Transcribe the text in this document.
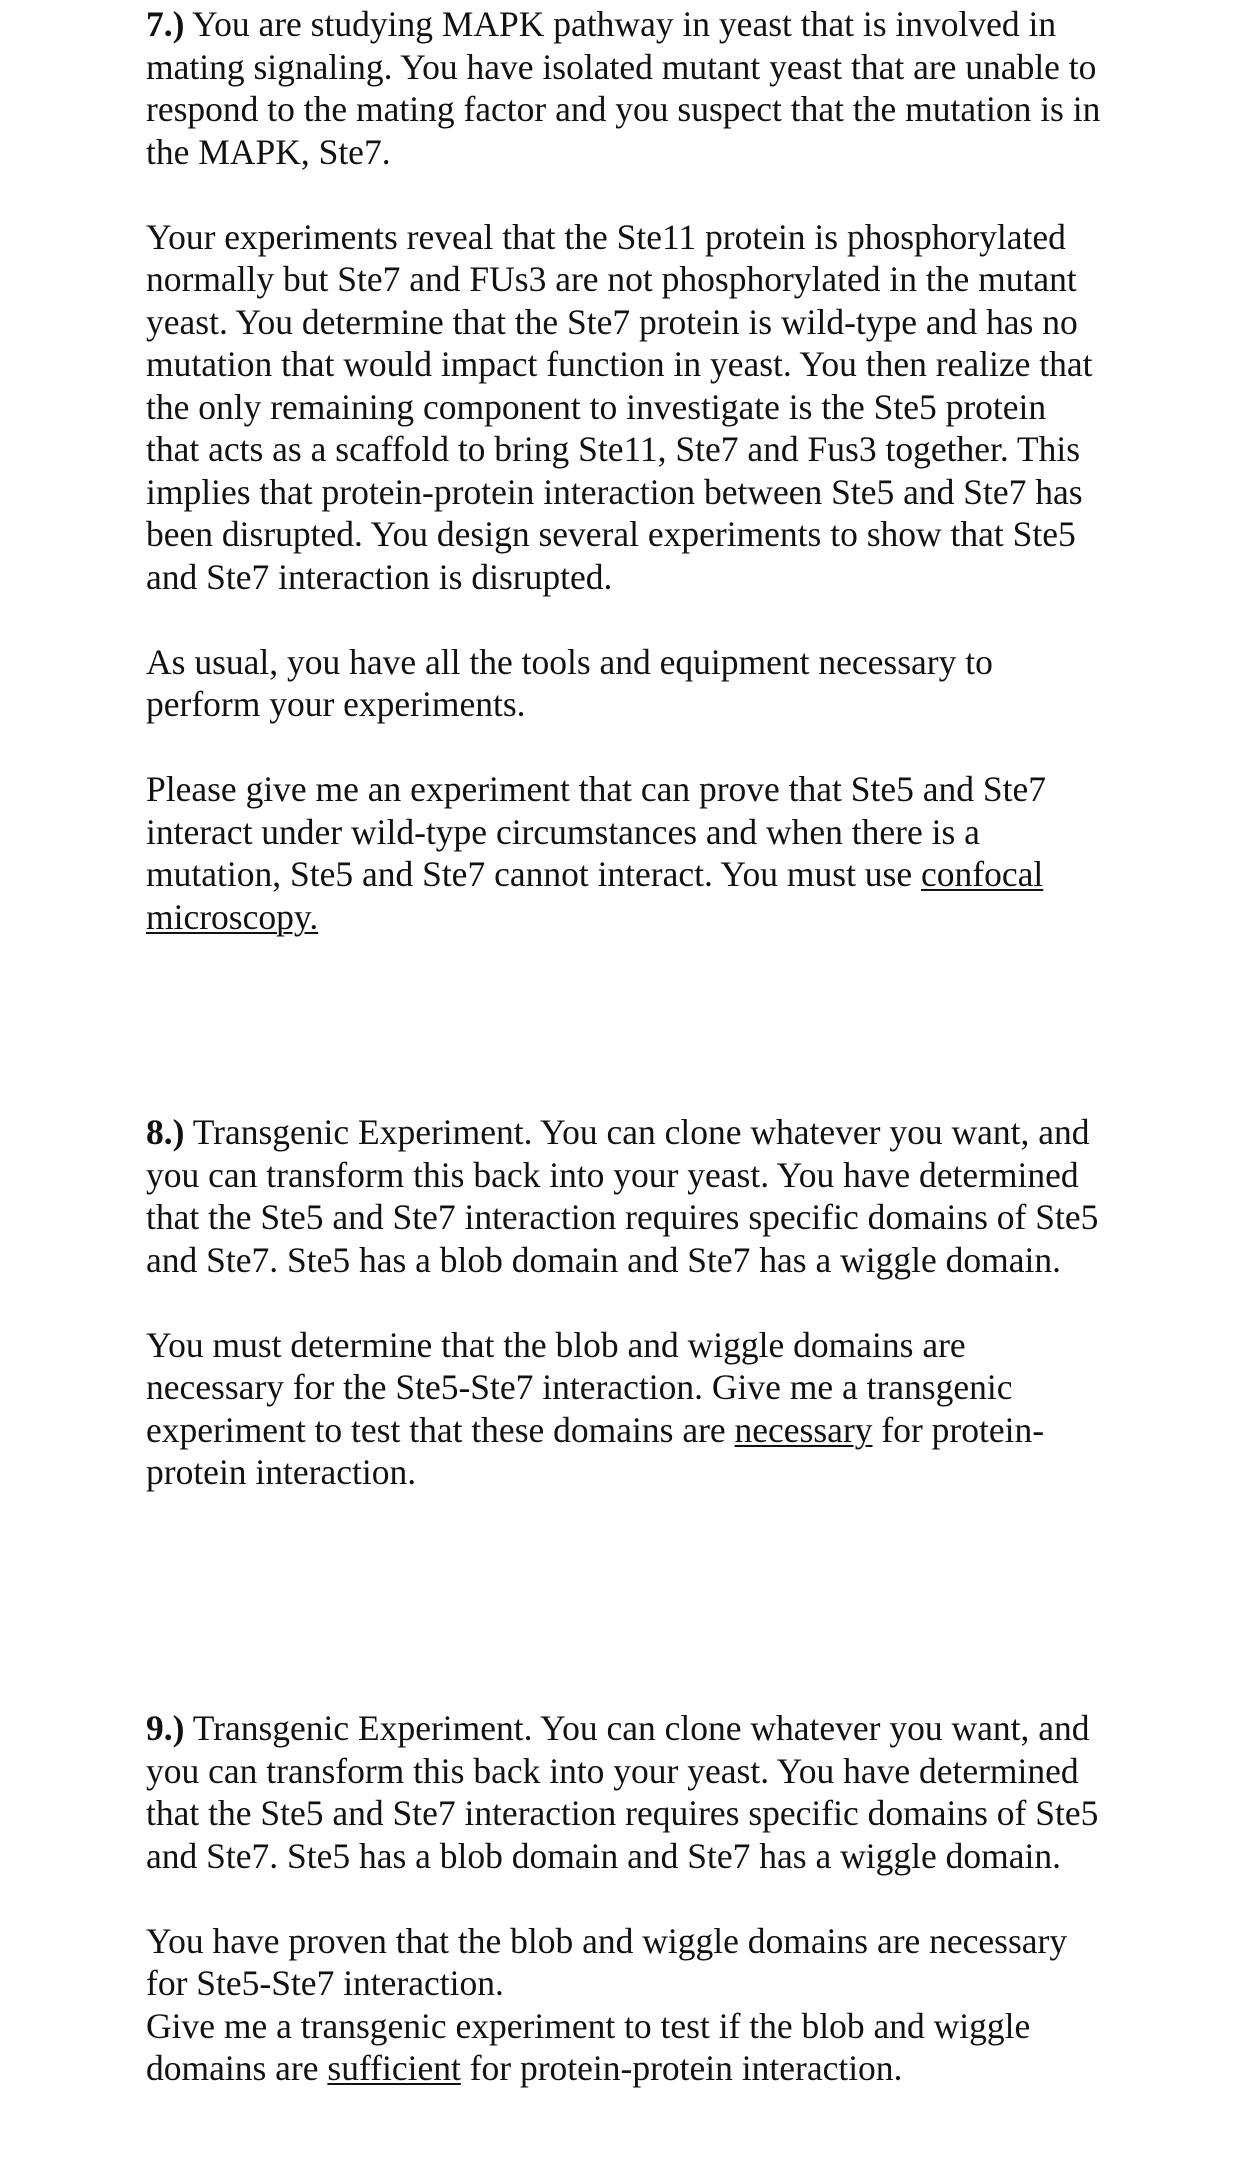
7.) You are studying MAPK pathway in yeast that is involved in mating signaling. You have isolated mutant yeast that are unable to respond to the mating factor and you suspect that the mutation is in the MAPK, Ste7.

Your experiments reveal that the Ste11 protein is phosphorylated normally but Ste7 and FUs3 are not phosphorylated in the mutant yeast. You determine that the Ste7 protein is wild-type and has no mutation that would impact function in yeast. You then realize that the only remaining component to investigate is the Ste5 protein that acts as a scaffold to bring Ste11, Ste7 and Fus3 together. This implies that protein-protein interaction between Ste5 and Ste7 has been disrupted. You design several experiments to show that Ste5 and Ste7 interaction is disrupted.

As usual, you have all the tools and equipment necessary to perform your experiments.

Please give me an experiment that can prove that Ste5 and Ste7 interact under wild-type circumstances and when there is a mutation, Ste5 and Ste7 cannot interact. You must use confocal microscopy.

8.) Transgenic Experiment. You can clone whatever you want, and you can transform this back into your yeast. You have determined that the Ste5 and Ste7 interaction requires specific domains of Ste5 and Ste7. Ste5 has a blob domain and Ste7 has a wiggle domain.

You must determine that the blob and wiggle domains are necessary for the Ste5-Ste7 interaction. Give me a transgenic experiment to test that these domains are necessary for protein-protein interaction.

9.) Transgenic Experiment. You can clone whatever you want, and you can transform this back into your yeast. You have determined that the Ste5 and Ste7 interaction requires specific domains of Ste5 and Ste7. Ste5 has a blob domain and Ste7 has a wiggle domain.

You have proven that the blob and wiggle domains are necessary for Ste5-Ste7 interaction.

Give me a transgenic experiment to test if the blob and wiggle domains are sufficient for protein-protein interaction.
